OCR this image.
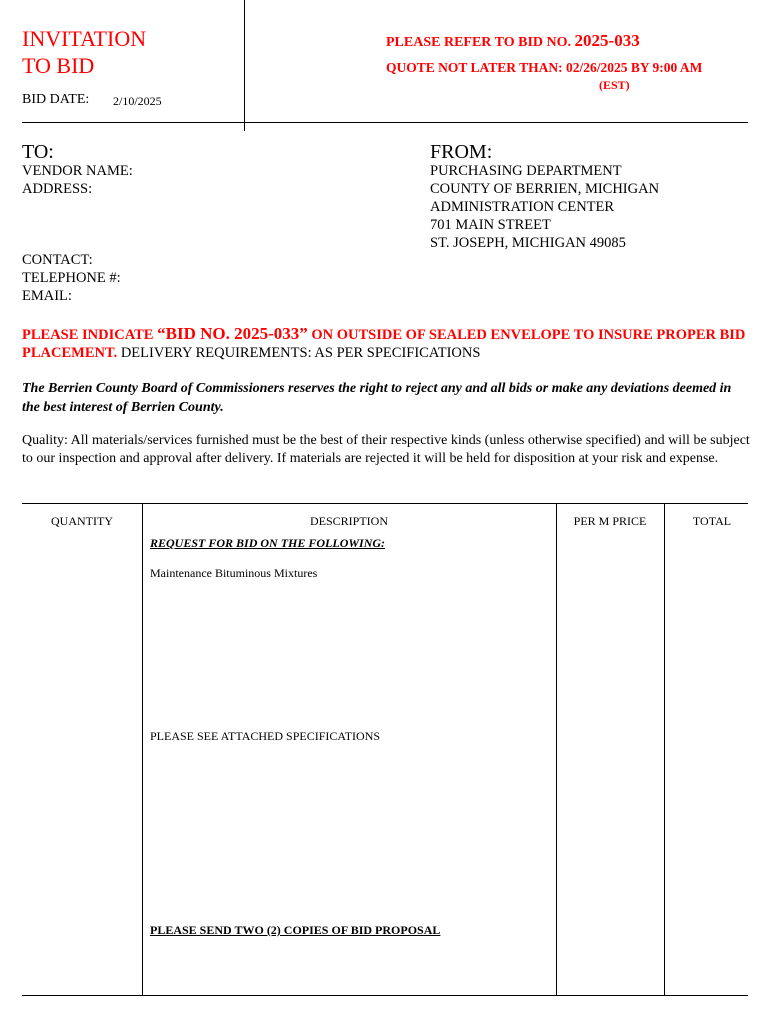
INVITATION
TO BID
BID DATE: 2/10/2025
PLEASE REFER TO BID NO. 2025-033
QUOTE NOT LATER THAN: 02/26/2025 BY 9:00 AM
(EST)
TO:	FROM:
VENDOR NAME:
ADDRESS:
PURCHASING DEPARTMENT
COUNTY OF BERRIEN, MICHIGAN
ADMINISTRATION CENTER
701 MAIN STREET
ST. JOSEPH, MICHIGAN 49085
CONTACT:
TELEPHONE #:
EMAIL:
PLEASE INDICATE “BID NO. 2025-033” ON OUTSIDE OF SEALED ENVELOPE TO INSURE PROPER BID PLACEMENT. DELIVERY REQUIREMENTS: AS PER SPECIFICATIONS
The Berrien County Board of Commissioners reserves the right to reject any and all bids or make any deviations deemed in the best interest of Berrien County.
Quality: All materials/services furnished must be the best of their respective kinds (unless otherwise specified) and will be subject to our inspection and approval after delivery. If materials are rejected it will be held for disposition at your risk and expense.
QUANTITY	DESCRIPTION	PER M PRICE	TOTAL
REQUEST FOR BID ON THE FOLLOWING:
Maintenance Bituminous Mixtures
PLEASE SEE ATTACHED SPECIFICATIONS
PLEASE SEND TWO (2) COPIES OF BID PROPOSAL
